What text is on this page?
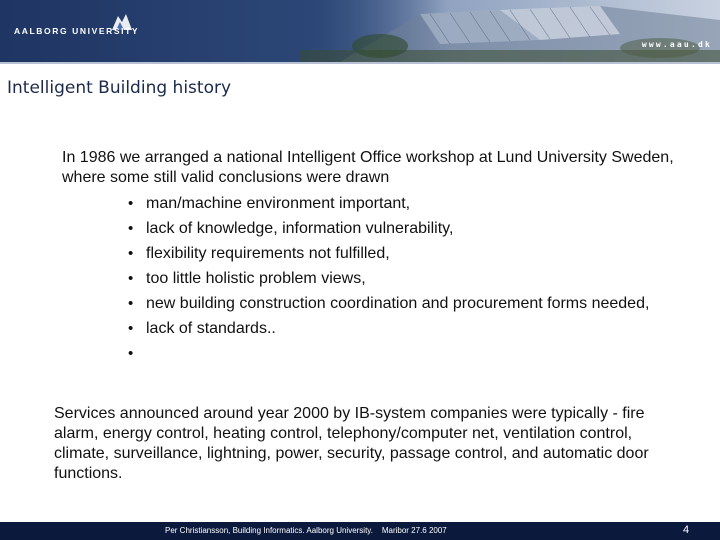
AALBORG UNIVERSITY
www.aau.dk
Intelligent Building history
In 1986 we arranged a national Intelligent Office workshop at Lund University Sweden, where some still valid conclusions were drawn
• man/machine environment important,
• lack of knowledge, information vulnerability,
• flexibility requirements not fulfilled,
• too little holistic problem views,
• new building construction coordination and procurement forms needed,
• lack of standards..
•
Services announced around year 2000 by IB-system companies were typically - fire alarm, energy control, heating control, telephony/computer net, ventilation control, climate, surveillance, lightning, power, security, passage control, and automatic door functions.
Per Christiansson, Building Informatics. Aalborg University.    Maribor 27.6 2007	4
